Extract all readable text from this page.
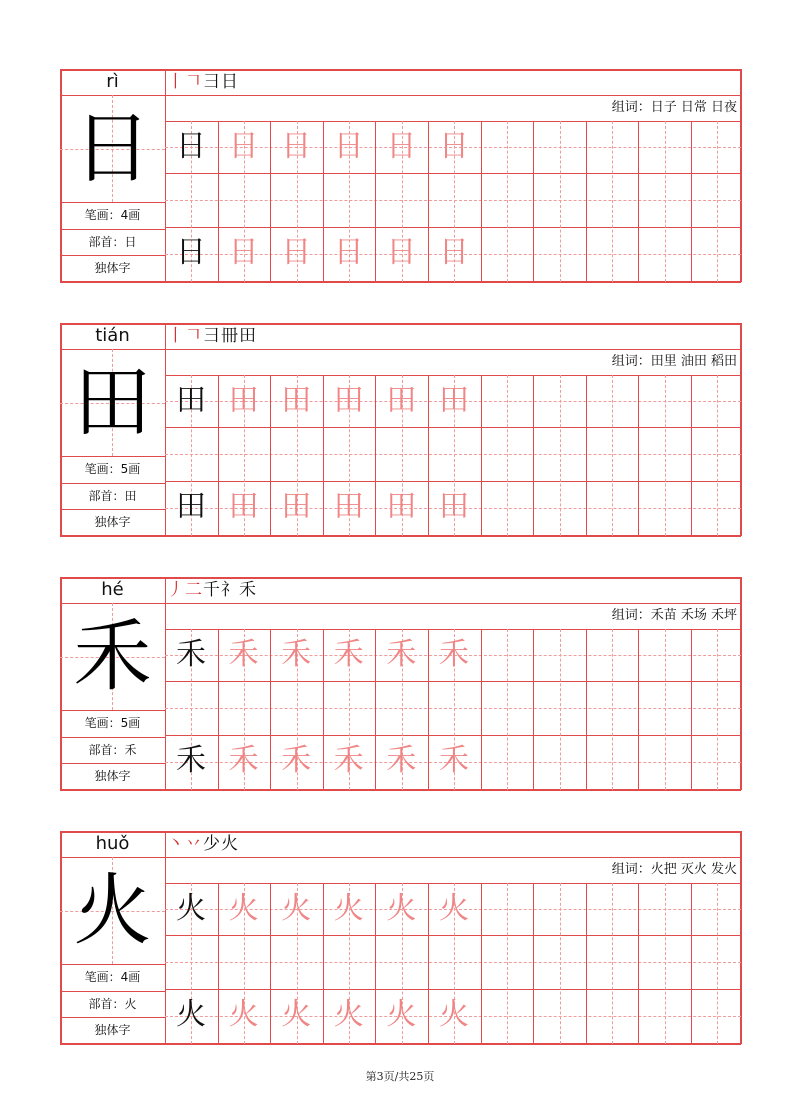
rì
日
笔画：4画
部首：日
独体字
丨𠃍彐日
组词：日子 日常 日夜
日 日 日 日 日 日
日 日 日 日 日 日
tián
田
笔画：5画
部首：田
独体字
丨𠃍彐冊田
组词：田里 油田 稻田
田 田 田 田 田 田
田 田 田 田 田 田
hé
禾
笔画：5画
部首：禾
独体字
丿二千礻禾
组词：禾苗 禾场 禾坪
禾 禾 禾 禾 禾 禾
禾 禾 禾 禾 禾 禾
huǒ
火
笔画：4画
部首：火
独体字
丶丷少火
组词：火把 灭火 发火
火 火 火 火 火 火
火 火 火 火 火 火
第3页/共25页
